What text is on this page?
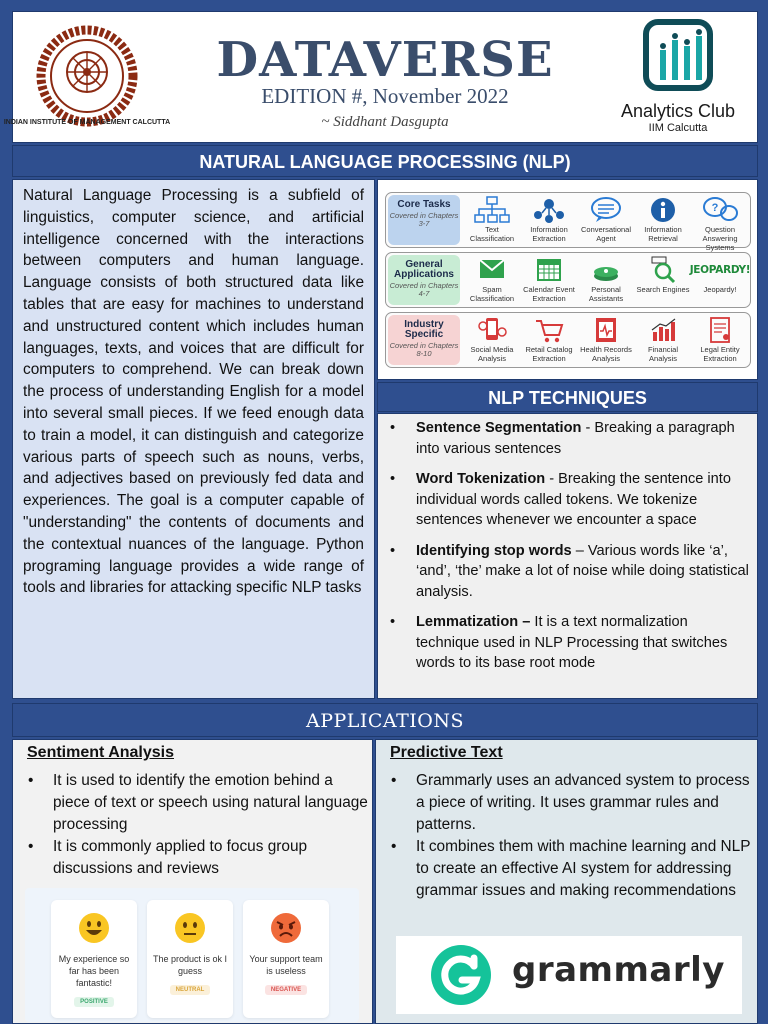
INDIAN INSTITUTE OF MANAGEMENT CALCUTTA
DATAVERSE
EDITION #, November 2022
~ Siddhant Dasgupta
Analytics Club
IIM Calcutta
NATURAL LANGUAGE PROCESSING (NLP)

Natural Language Processing is a subfield of linguistics, computer science, and artificial intelligence concerned with the interactions between computers and human language. Language consists of both structured data like tables that are easy for machines to understand and unstructured content which includes human languages, texts, and voices that are difficult for computers to comprehend. We can break down the process of understanding English for a model into several small pieces. If we feed enough data to train a model, it can distinguish and categorize various parts of speech such as nouns, verbs, and adjectives based on previously fed data and experiences. The goal is a computer capable of "understanding" the contents of documents and the contextual nuances of the language. Python programing language provides a wide range of tools and libraries for attacking specific NLP tasks

Core Tasks
Covered in Chapters 3-7
Text Classification
Information Extraction
Conversational Agent
Information Retrieval
?
Question Answering Systems
General Applications
Covered in Chapters 4-7	Spam Classification
Calendar Event Extraction
Personal Assistants
Search Engines
JEOPARDY!
Jeopardy!
Industry Specific
Covered in Chapters 8-10	Social Media Analysis
Retail Catalog Extraction
Health Records Analysis
Financial Analysis
Legal Entity Extraction
NLP TECHNIQUES
• Sentence Segmentation - Breaking a paragraph into various sentences
• Word Tokenization - Breaking the sentence into individual words called tokens. We tokenize sentences whenever we encounter a space
• Identifying stop words – Various words like ‘a’, ‘and’, ‘the’ make a lot of noise while doing statistical analysis.
• Lemmatization – It is a text normalization technique used in NLP Processing that switches words to its base root mode
APPLICATIONS
Sentiment Analysis
• It is used to identify the emotion behind a piece of text or speech using natural language processing
• It is commonly applied to focus group discussions and reviews
My experience so far has been fantastic!
POSITIVE
The product is ok I guess
NEUTRAL
Your support team is useless
NEGATIVE
Predictive Text
• Grammarly uses an advanced system to process a piece of writing. It uses grammar rules and patterns.
• It combines them with machine learning and NLP to create an effective AI system for addressing grammar issues and making recommendations
grammarly
